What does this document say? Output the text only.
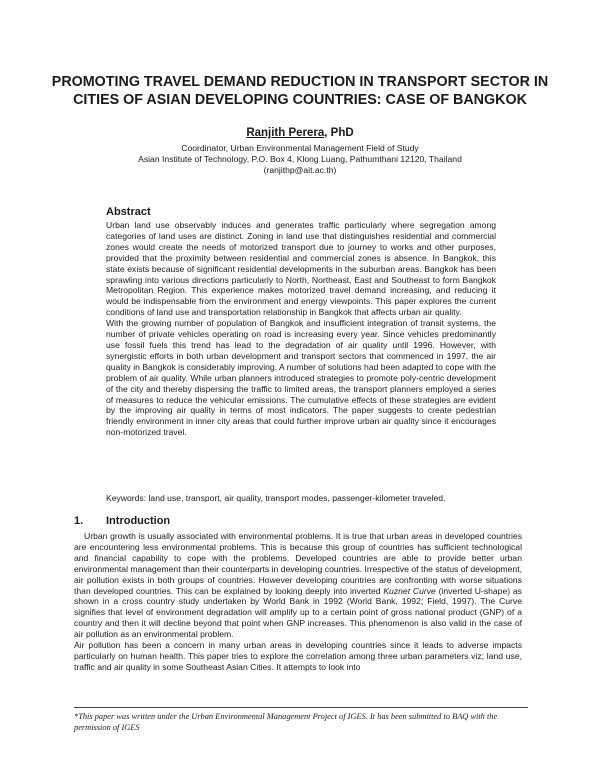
PROMOTING TRAVEL DEMAND REDUCTION IN TRANSPORT SECTOR IN CITIES OF ASIAN DEVELOPING COUNTRIES: CASE OF BANGKOK
Ranjith Perera, PhD
Coordinator, Urban Environmental Management Field of Study
Asian Institute of Technology, P.O. Box 4, Klong Luang, Pathumthani 12120, Thailand
(ranjithp@ait.ac.th)
Abstract

Urban land use observably induces and generates traffic particularly where segregation among categories of land uses are distinct. Zoning in land use that distinguishes residential and commercial zones would create the needs of motorized transport due to journey to works and other purposes, provided that the proximity between residential and commercial zones is absence. In Bangkok, this state exists because of significant residential developments in the suburban areas. Bangkok has been sprawling into various directions particularly to North, Northeast, East and Southeast to form Bangkok Metropolitan Region. This experience makes motorized travel demand increasing, and reducing it would be indispensable from the environment and energy viewpoints. This paper explores the current conditions of land use and transportation relationship in Bangkok that affects urban air quality.

With the growing number of population of Bangkok and insufficient integration of transit systems, the number of private vehicles operating on road is increasing every year. Since vehicles predominantly use fossil fuels this trend has lead to the degradation of air quality until 1996. However, with synergistic efforts in both urban development and transport sectors that commenced in 1997, the air quality in Bangkok is considerably improving. A number of solutions had been adapted to cope with the problem of air quality. While urban planners introduced strategies to promote poly-centric development of the city and thereby dispersing the traffic to limited areas, the transport planners employed a series of measures to reduce the vehicular emissions. The cumulative effects of these strategies are evident by the improving air quality in terms of most indicators. The paper suggests to create pedestrian friendly environment in inner city areas that could further improve urban air quality since it encourages non-motorized travel.

Keywords: land use, transport, air quality, transport modes, passenger-kilometer traveled.
1. Introduction

Urban growth is usually associated with environmental problems. It is true that urban areas in developed countries are encountering less environmental problems. This is because this group of countries has sufficient technological and financial capability to cope with the problems. Developed countries are able to provide better urban environmental management than their counterparts in developing countries. Irrespective of the status of development, air pollution exists in both groups of countries. However developing countries are confronting with worse situations than developed countries. This can be explained by looking deeply into inverted Kuznet Curve (inverted U-shape) as shown in a cross country study undertaken by World Bank in 1992 (World Bank, 1992; Field, 1997). The Curve signifies that level of environment degradation will amplify up to a certain point of gross national product (GNP) of a country and then it will decline beyond that point when GNP increases. This phenomenon is also valid in the case of air pollution as an environmental problem.

Air pollution has been a concern in many urban areas in developing countries since it leads to adverse impacts particularly on human health. This paper tries to explore the correlation among three urban parameters viz; land use, traffic and air quality in some Southeast Asian Cities. It attempts to look into

*This paper was written under the Urban Environmental Management Project of IGES. It has been submitted to BAQ with the permission of IGES
